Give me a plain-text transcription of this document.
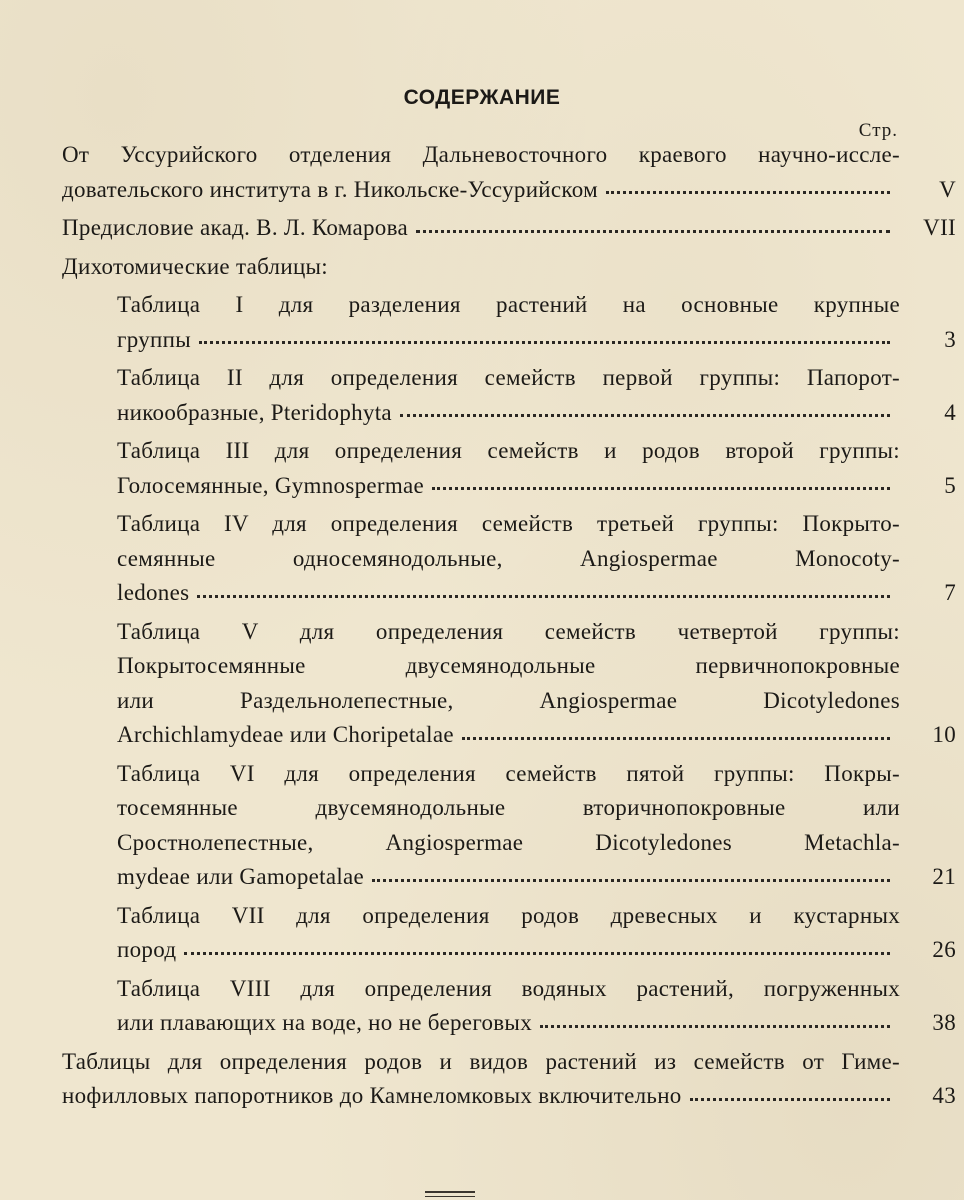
СОДЕРЖАНИЕ
Стр.
От Уссурийского отделения Дальневосточного краевого научно-иссле-
довательского института в г. Никольске-Уссурийском	V
Предисловие акад. В. Л. Комарова	VII
Дихотомические таблицы:
Таблица I для разделения растений на основные крупные
группы	3
Таблица II для определения семейств первой группы: Папорот-
никообразные, Pteridophyta	4
Таблица III для определения семейств и родов второй группы:
Голосемянные, Gymnospermae	5
Таблица IV для определения семейств третьей группы: Покрыто-
семянные односемянодольные, Angiospermae Monocoty-
ledones	7
Таблица V для определения семейств четвертой группы:
Покрытосемянные двусемянодольные первичнопокровные
или Раздельнолепестные, Angiospermae Dicotyledones
Archichlamydeae или Choripetalae	10
Таблица VI для определения семейств пятой группы: Покры-
тосемянные двусемянодольные вторичнопокровные или
Сростнолепестные, Angiospermae Dicotyledones Metachla-
mydeae или Gamopetalae	21
Таблица VII для определения родов древесных и кустарных
пород	26
Таблица VIII для определения водяных растений, погруженных
или плавающих на воде, но не береговых	38
Таблицы для определения родов и видов растений из семейств от Гиме-
нофилловых папоротников до Камнеломковых включительно	43
